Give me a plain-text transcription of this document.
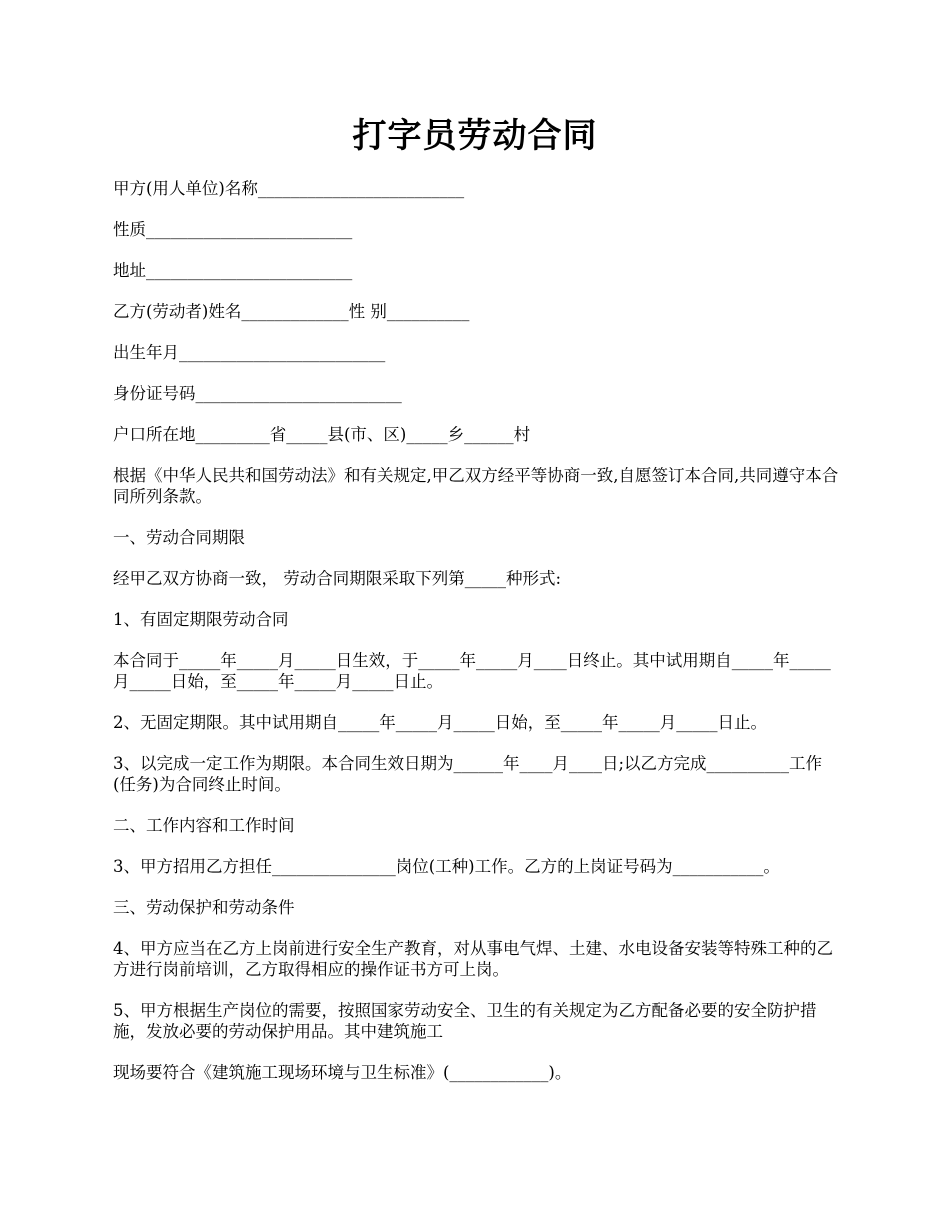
打字员劳动合同

甲方(用人单位)名称_________________________

性质_________________________

地址_________________________

乙方(劳动者)姓名_____________性 别__________

出生年月_________________________

身份证号码_________________________

户口所在地_________省_____县(市、区)_____乡______村

根据《中华人民共和国劳动法》和有关规定,甲乙双方经平等协商一致,自愿签订本合同,共同遵守本合同所列条款。

一、劳动合同期限

经甲乙双方协商一致， 劳动合同期限采取下列第_____种形式:

1、有固定期限劳动合同

本合同于_____年_____月_____日生效，于_____年_____月____日终止。其中试用期自_____年_____月_____日始，至_____年_____月_____日止。

2、无固定期限。其中试用期自_____年_____月_____日始，至_____年_____月_____日止。

3、以完成一定工作为期限。本合同生效日期为______年____月____日;以乙方完成__________工作(任务)为合同终止时间。

二、工作内容和工作时间

3、甲方招用乙方担任_______________岗位(工种)工作。乙方的上岗证号码为___________。

三、劳动保护和劳动条件

4、甲方应当在乙方上岗前进行安全生产教育，对从事电气焊、土建、水电设备安装等特殊工种的乙方进行岗前培训，乙方取得相应的操作证书方可上岗。

5、甲方根据生产岗位的需要，按照国家劳动安全、卫生的有关规定为乙方配备必要的安全防护措施，发放必要的劳动保护用品。其中建筑施工

现场要符合《建筑施工现场环境与卫生标准》(____________)。
